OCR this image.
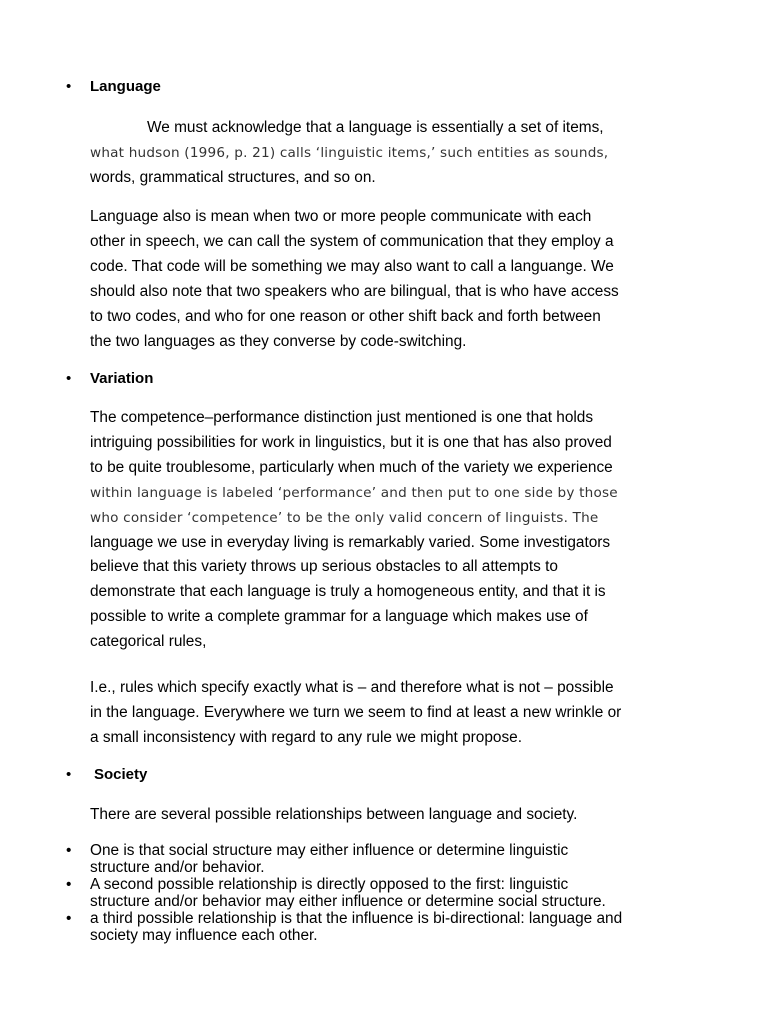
• Language
We must acknowledge that a language is essentially a set of items,
what hudson (1996, p. 21) calls ‘linguistic items,’ such entities as sounds,
words, grammatical structures, and so on.
Language also is mean when two or more people communicate with each
other in speech, we can call the system of communication that they employ a
code. That code will be something we may also want to call a languange. We
should also note that two speakers who are bilingual, that is who have access
to two codes, and who for one reason or other shift back and forth between
the two languages as they converse by code-switching.
• Variation
The competence–performance distinction just mentioned is one that holds
intriguing possibilities for work in linguistics, but it is one that has also proved
to be quite troublesome, particularly when much of the variety we experience
within language is labeled ‘performance’ and then put to one side by those
who consider ‘competence’ to be the only valid concern of linguists. The
language we use in everyday living is remarkably varied. Some investigators
believe that this variety throws up serious obstacles to all attempts to
demonstrate that each language is truly a homogeneous entity, and that it is
possible to write a complete grammar for a language which makes use of
categorical rules,
I.e., rules which specify exactly what is – and therefore what is not – possible
in the language. Everywhere we turn we seem to find at least a new wrinkle or
a small inconsistency with regard to any rule we might propose.
• Society
There are several possible relationships between language and society.
• One is that social structure may either influence or determine linguistic
structure and/or behavior.
• A second possible relationship is directly opposed to the first: linguistic
structure and/or behavior may either influence or determine social structure.
• a third possible relationship is that the influence is bi-directional: language and
society may influence each other.
